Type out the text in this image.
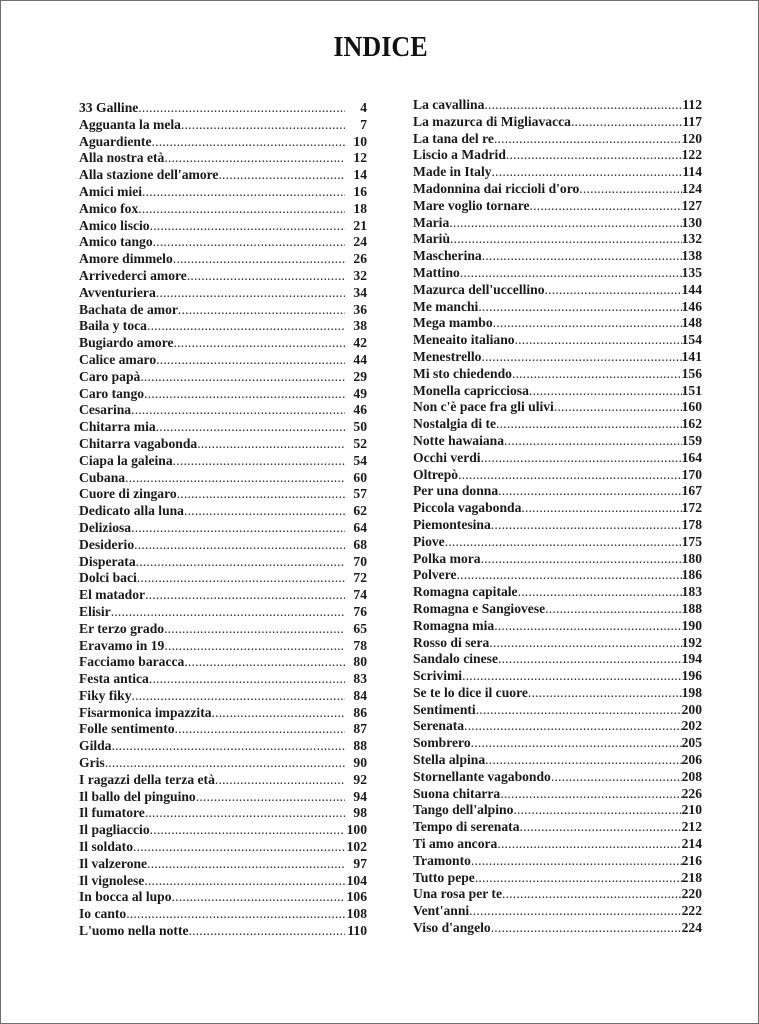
INDICE
33 Galline .....	4
Agguanta la mela .....	7
Aguardiente .....	10
Alla nostra età .....	12
Alla stazione dell'amore .....	14
Amici miei .....	16
Amico fox .....	18
Amico liscio .....	21
Amico tango .....	24
Amore dimmelo .....	26
Arrivederci amore .....	32
Avventuriera .....	34
Bachata de amor .....	36
Baila y toca .....	38
Bugiardo amore .....	42
Calice amaro .....	44
Caro papà .....	29
Caro tango .....	49
Cesarina .....	46
Chitarra mia .....	50
Chitarra vagabonda .....	52
Ciapa la galeina .....	54
Cubana .....	60
Cuore di zingaro .....	57
Dedicato alla luna .....	62
Deliziosa .....	64
Desiderio .....	68
Disperata .....	70
Dolci baci .....	72
El matador .....	74
Elisir .....	76
Er terzo grado .....	65
Eravamo in 19 .....	78
Facciamo baracca .....	80
Festa antica .....	83
Fiky fiky .....	84
Fisarmonica impazzita .....	86
Folle sentimento .....	87
Gilda .....	88
Gris .....	90
I ragazzi della terza età .....	92
Il ballo del pinguino .....	94
Il fumatore .....	98
Il pagliaccio .....	100
Il soldato .....	102
Il valzerone .....	97
Il vignolese .....	104
In bocca al lupo .....	106
Io canto .....	108
L'uomo nella notte .....	110
La cavallina .....	112
La mazurca di Migliavacca .....	117
La tana del re .....	120
Liscio a Madrid .....	122
Made in Italy .....	114
Madonnina dai riccioli d'oro .....	124
Mare voglio tornare .....	127
Maria .....	130
Mariù .....	132
Mascherina .....	138
Mattino .....	135
Mazurca dell'uccellino .....	144
Me manchi .....	146
Mega mambo .....	148
Meneaito italiano .....	154
Menestrello .....	141
Mi sto chiedendo .....	156
Monella capricciosa .....	151
Non c'è pace fra gli ulivi .....	160
Nostalgia di te .....	162
Notte hawaiana .....	159
Occhi verdi .....	164
Oltrepò .....	170
Per una donna .....	167
Piccola vagabonda .....	172
Piemontesina .....	178
Piove .....	175
Polka mora .....	180
Polvere .....	186
Romagna capitale .....	183
Romagna e Sangiovese .....	188
Romagna mia .....	190
Rosso di sera .....	192
Sandalo cinese .....	194
Scrivimi .....	196
Se te lo dice il cuore .....	198
Sentimenti .....	200
Serenata .....	202
Sombrero .....	205
Stella alpina .....	206
Stornellante vagabondo .....	208
Suona chitarra .....	226
Tango dell'alpino .....	210
Tempo di serenata .....	212
Ti amo ancora .....	214
Tramonto .....	216
Tutto pepe .....	218
Una rosa per te .....	220
Vent'anni .....	222
Viso d'angelo .....	224
